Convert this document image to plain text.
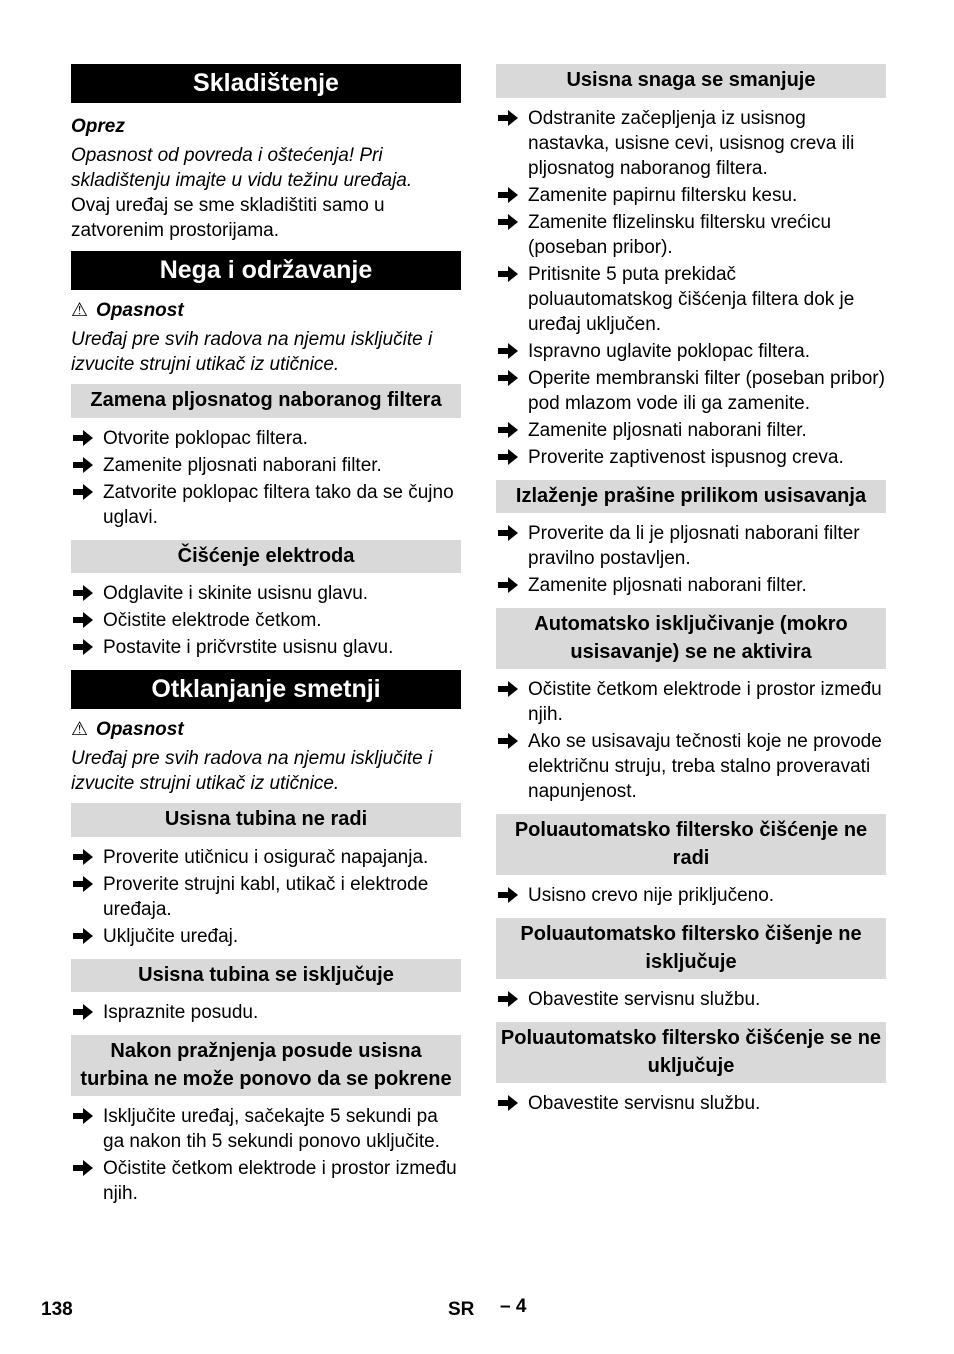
Skladištenje
Oprez
Opasnost od povreda i oštećenja! Pri skladištenju imajte u vidu težinu uređaja.
Ovaj uređaj se sme skladištiti samo u zatvorenim prostorijama.
Nega i održavanje
⚠ Opasnost
Uređaj pre svih radova na njemu isključite i izvucite strujni utikač iz utičnice.
Zamena pljosnatog naboranog filtera
Otvorite poklopac filtera.
Zamenite pljosnati naborani filter.
Zatvorite poklopac filtera tako da se čujno uglavi.
Čišćenje elektroda
Odglavite i skinite usisnu glavu.
Očistite elektrode četkom.
Postavite i pričvrstite usisnu glavu.
Otklanjanje smetnji
⚠ Opasnost
Uređaj pre svih radova na njemu isključite i izvucite strujni utikač iz utičnice.
Usisna tubina ne radi
Proverite utičnicu i osigurač napajanja.
Proverite strujni kabl, utikač i elektrode uređaja.
Uključite uređaj.
Usisna tubina se isključuje
Ispraznite posudu.
Nakon pražnjenja posude usisna turbina ne može ponovo da se pokrene
Isključite uređaj, sačekajte 5 sekundi pa ga nakon tih 5 sekundi ponovo uključite.
Očistite četkom elektrode i prostor između njih.
Usisna snaga se smanjuje
Odstranite začepljenja iz usisnog nastavka, usisne cevi, usisnog creva ili pljosnatog naboranog filtera.
Zamenite papirnu filtersku kesu.
Zamenite flizelinsku filtersku vrećicu (poseban pribor).
Pritisnite 5 puta prekidač poluautomatskog čišćenja filtera dok je uređaj uključen.
Ispravno uglavite poklopac filtera.
Operite membranski filter (poseban pribor) pod mlazom vode ili ga zamenite.
Zamenite pljosnati naborani filter.
Proverite zaptivenost ispusnog creva.
Izlaženje prašine prilikom usisavanja
Proverite da li je pljosnati naborani filter pravilno postavljen.
Zamenite pljosnati naborani filter.
Automatsko isključivanje (mokro usisavanje) se ne aktivira
Očistite četkom elektrode i prostor između njih.
Ako se usisavaju tečnosti koje ne provode električnu struju, treba stalno proveravati napunjenost.
Poluautomatsko filtersko čišćenje ne radi
Usisno crevo nije priključeno.
Poluautomatsko filtersko čišenje ne isključuje
Obavestite servisnu službu.
Poluautomatsko filtersko čišćenje se ne uključuje
Obavestite servisnu službu.
138	SR – 4
